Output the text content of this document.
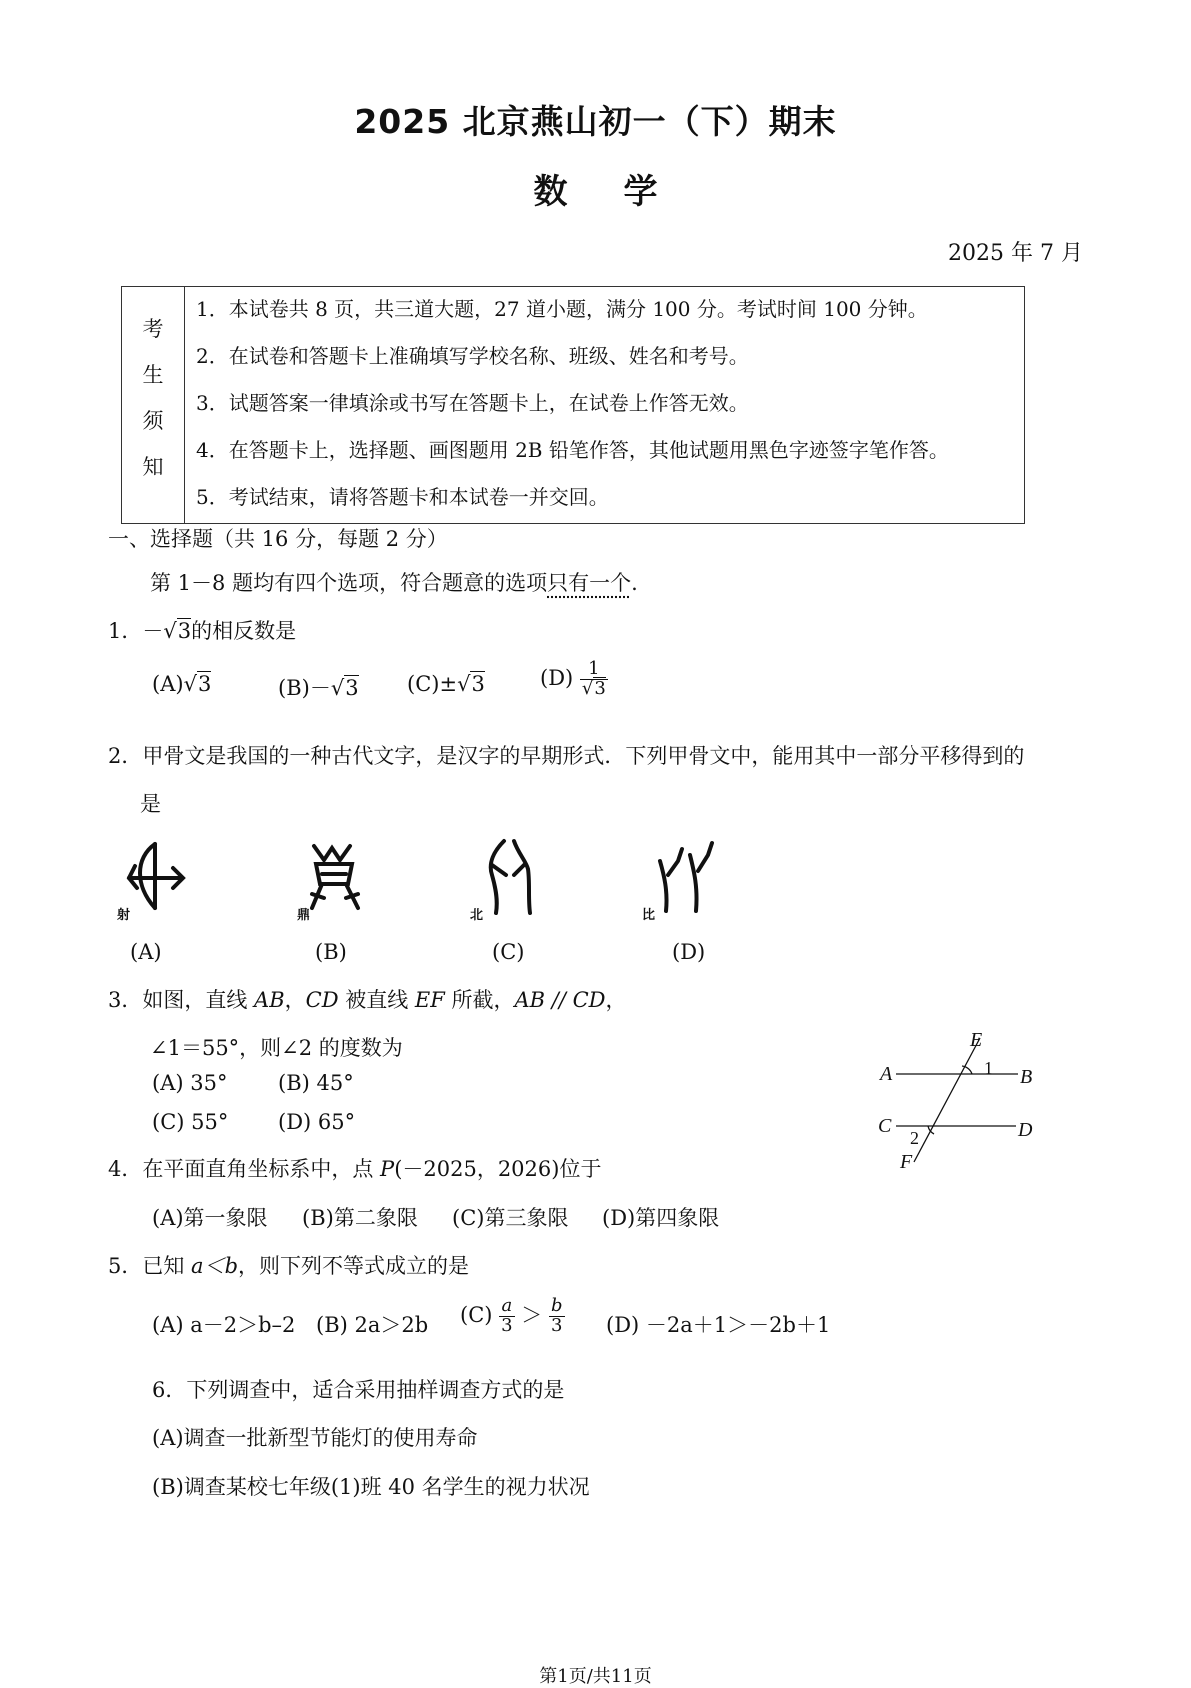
2025 北京燕山初一（下）期末
数学
2025 年 7 月
考
生
须
知
1．本试卷共 8 页，共三道大题，27 道小题，满分 100 分。考试时间 100 分钟。
2．在试卷和答题卡上准确填写学校名称、班级、姓名和考号。
3．试题答案一律填涂或书写在答题卡上，在试卷上作答无效。
4．在答题卡上，选择题、画图题用 2B 铅笔作答，其他试题用黑色字迹签字笔作答。
5．考试结束，请将答题卡和本试卷一并交回。
一、选择题（共 16 分，每题 2 分）
第 1－8 题均有四个选项，符合题意的选项只有一个.
1．－√3的相反数是
(A)√3	(B)－√3 (C)±√3	$(D) \frac{1}{√3}$
2．甲骨文是我国的一种古代文字，是汉字的早期形式．下列甲骨文中，能用其中一部分平移得到的
是
射	鼎	北	比
(A)	(B)	(C)	(D)
3．如图，直线 AB，CD 被直线 EF 所截，AB // CD，
∠1＝55°，则∠2 的度数为
(A) 35° (B) 45°
(C) 55° (D) 65°
E
A	B
C	D
F
1
2
4．在平面直角坐标系中，点 P(－2025，2026)位于
(A)第一象限 (B)第二象限 (C)第三象限 (D)第四象限
5．已知 a＜b，则下列不等式成立的是
(A) a－2＞b–2 (B) 2a＞2b $(C) \frac{a}{3} > \frac{b}{3} (D) -2a+1>-2b+1$
6．下列调查中，适合采用抽样调查方式的是
(A)调查一批新型节能灯的使用寿命
(B)调查某校七年级(1)班 40 名学生的视力状况
第1页/共11页
